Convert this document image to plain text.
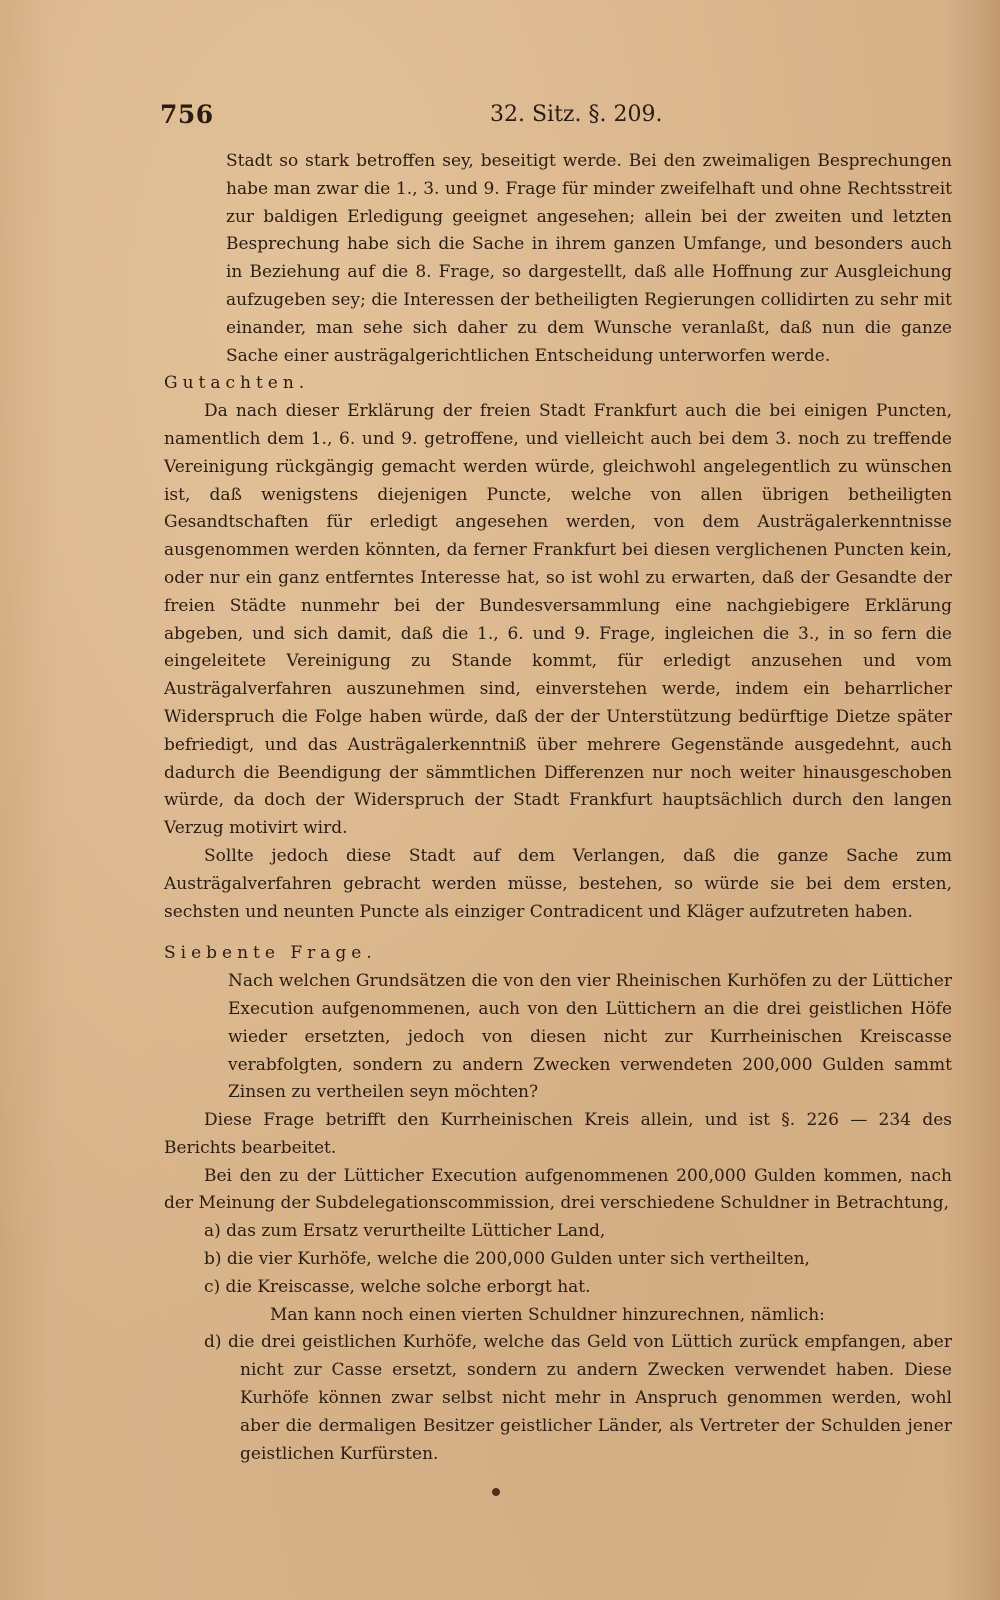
756	32. Sitz. §. 209.

Stadt so stark betroffen sey, beseitigt werde. Bei den zweimaligen Besprechungen habe man zwar die 1., 3. und 9. Frage für minder zweifelhaft und ohne Rechtsstreit zur baldigen Erledigung geeignet angesehen; allein bei der zweiten und letzten Besprechung habe sich die Sache in ihrem ganzen Umfange, und besonders auch in Beziehung auf die 8. Frage, so dargestellt, daß alle Hoffnung zur Ausgleichung aufzugeben sey; die Interessen der betheiligten Regierungen collidirten zu sehr mit einander, man sehe sich daher zu dem Wunsche veranlaßt, daß nun die ganze Sache einer austrägalgerichtlichen Entscheidung unterworfen werde.

Gutachten.

Da nach dieser Erklärung der freien Stadt Frankfurt auch die bei einigen Puncten, namentlich dem 1., 6. und 9. getroffene, und vielleicht auch bei dem 3. noch zu treffende Vereinigung rückgängig gemacht werden würde, gleichwohl angelegentlich zu wünschen ist, daß wenigstens diejenigen Puncte, welche von allen übrigen betheiligten Gesandtschaften für erledigt angesehen werden, von dem Austrägalerkenntnisse ausgenommen werden könnten, da ferner Frankfurt bei diesen verglichenen Puncten kein, oder nur ein ganz entferntes Interesse hat, so ist wohl zu erwarten, daß der Gesandte der freien Städte nunmehr bei der Bundesversammlung eine nachgiebigere Erklärung abgeben, und sich damit, daß die 1., 6. und 9. Frage, ingleichen die 3., in so fern die eingeleitete Vereinigung zu Stande kommt, für erledigt anzusehen und vom Austrägalverfahren auszunehmen sind, einverstehen werde, indem ein beharrlicher Widerspruch die Folge haben würde, daß der der Unterstützung bedürftige Dietze später befriedigt, und das Austrägalerkenntniß über mehrere Gegenstände ausgedehnt, auch dadurch die Beendigung der sämmtlichen Differenzen nur noch weiter hinausgeschoben würde, da doch der Widerspruch der Stadt Frankfurt hauptsächlich durch den langen Verzug motivirt wird.

Sollte jedoch diese Stadt auf dem Verlangen, daß die ganze Sache zum Austrägalverfahren gebracht werden müsse, bestehen, so würde sie bei dem ersten, sechsten und neunten Puncte als einziger Contradicent und Kläger aufzutreten haben.

Siebente Frage.

Nach welchen Grundsätzen die von den vier Rheinischen Kurhöfen zu der Lütticher Execution aufgenommenen, auch von den Lüttichern an die drei geistlichen Höfe wieder ersetzten, jedoch von diesen nicht zur Kurrheinischen Kreiscasse verabfolgten, sondern zu andern Zwecken verwendeten 200,000 Gulden sammt Zinsen zu vertheilen seyn möchten?

Diese Frage betrifft den Kurrheinischen Kreis allein, und ist §. 226 — 234 des Berichts bearbeitet.

Bei den zu der Lütticher Execution aufgenommenen 200,000 Gulden kommen, nach der Meinung der Subdelegationscommission, drei verschiedene Schuldner in Betrachtung,

a) das zum Ersatz verurtheilte Lütticher Land,

b) die vier Kurhöfe, welche die 200,000 Gulden unter sich vertheilten,

c) die Kreiscasse, welche solche erborgt hat.

Man kann noch einen vierten Schuldner hinzurechnen, nämlich:

d) die drei geistlichen Kurhöfe, welche das Geld von Lüttich zurück empfangen, aber nicht zur Casse ersetzt, sondern zu andern Zwecken verwendet haben. Diese Kurhöfe können zwar selbst nicht mehr in Anspruch genommen werden, wohl aber die dermaligen Besitzer geistlicher Länder, als Vertreter der Schulden jener geistlichen Kurfürsten.
